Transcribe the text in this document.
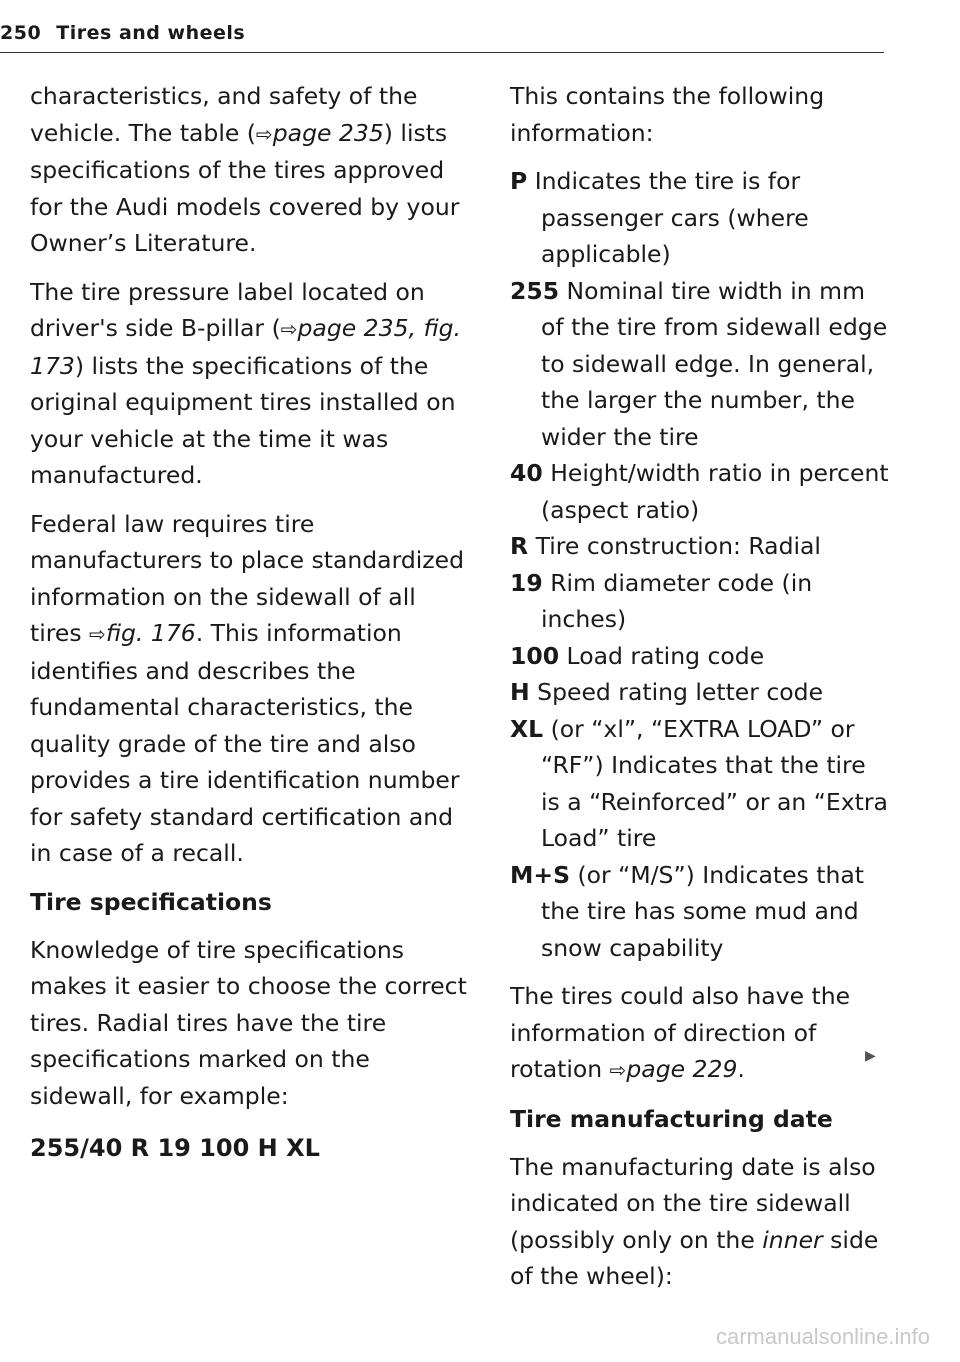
250 Tires and wheels

characteristics, and safety of the vehicle. The table (⇨page 235) lists specifications of the tires approved for the Audi models covered by your Owner’s Literature.

The tire pressure label located on driver's side B-pillar (⇨page 235, fig. 173) lists the specifications of the original equipment tires installed on your vehicle at the time it was manufactured.

Federal law requires tire manufacturers to place standardized information on the sidewall of all tires ⇨fig. 176. This information identifies and describes the fundamental characteristics, the quality grade of the tire and also provides a tire identification number for safety standard certification and in case of a recall.

Tire specifications

Knowledge of tire specifications makes it easier to choose the correct tires. Radial tires have the tire specifications marked on the sidewall, for example:

255/40 R 19 100 H XL

This contains the following information:

P Indicates the tire is for passenger cars (where applicable)
255 Nominal tire width in mm of the tire from sidewall edge to sidewall edge. In general, the larger the number, the wider the tire
40 Height/width ratio in percent (aspect ratio)
R Tire construction: Radial
19 Rim diameter code (in inches)
100 Load rating code
H Speed rating letter code
XL (or “xl”, “EXTRA LOAD” or “RF”) Indicates that the tire is a “Reinforced” or an “Extra Load” tire
M+S (or “M/S”) Indicates that the tire has some mud and snow capability

The tires could also have the information of direction of rotation ⇨page 229.

Tire manufacturing date

The manufacturing date is also indicated on the tire sidewall (possibly only on the inner side of the wheel):

▶
carmanualsonline.info
